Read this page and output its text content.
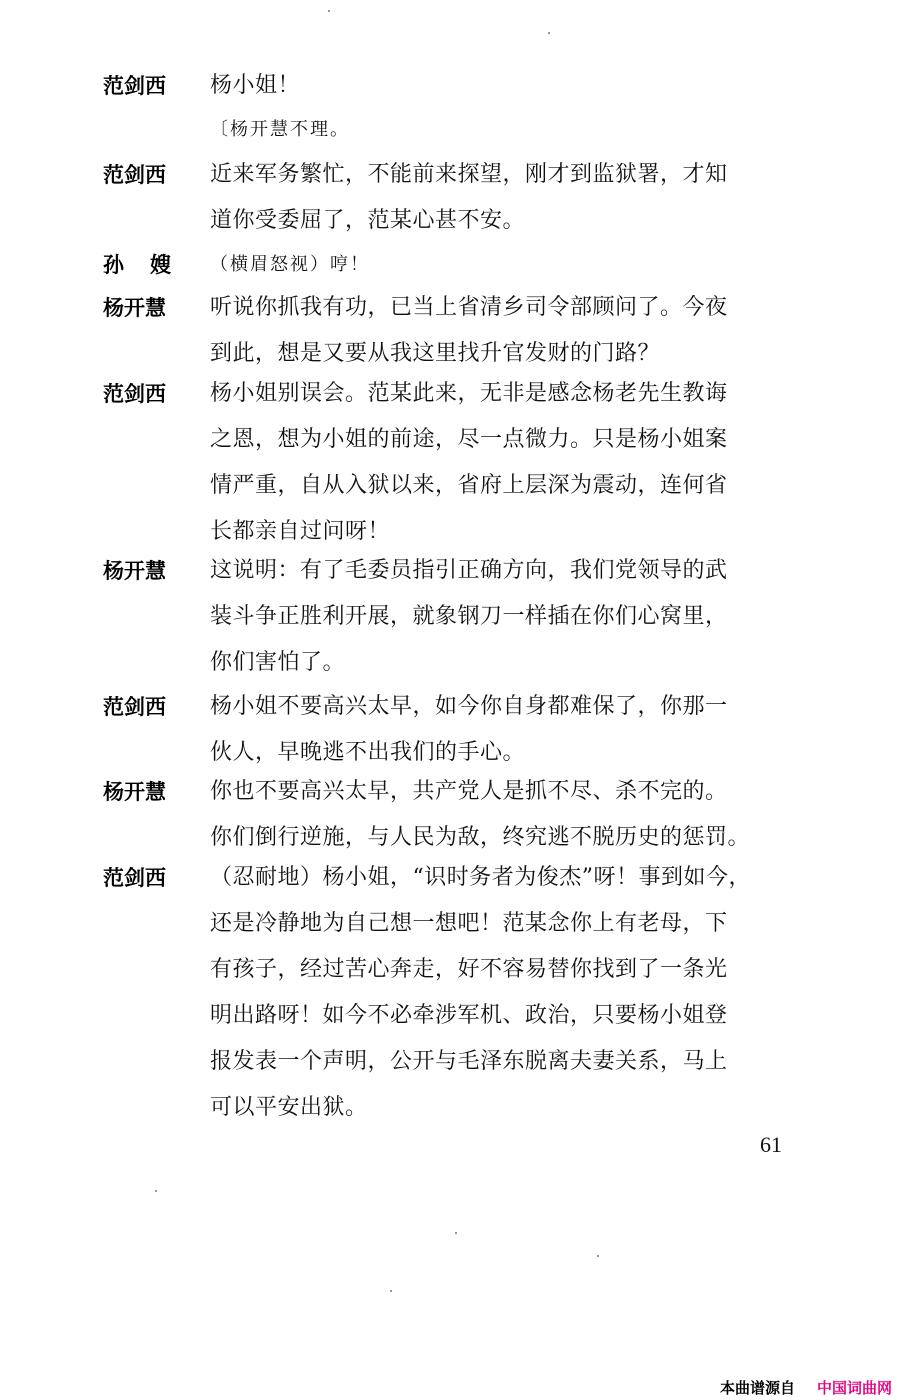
范剑西	杨小姐！
〔杨开慧不理。
范剑西	近来军务繁忙，不能前来探望，刚才到监狱署，才知
道你受委屈了，范某心甚不安。
孙嫂 （横眉怒视）哼！
杨开慧	听说你抓我有功，已当上省清乡司令部顾问了。今夜
到此，想是又要从我这里找升官发财的门路？
范剑西	杨小姐别误会。范某此来，无非是感念杨老先生教诲
之恩，想为小姐的前途，尽一点微力。只是杨小姐案
情严重，自从入狱以来，省府上层深为震动，连何省
长都亲自过问呀！
杨开慧	这说明：有了毛委员指引正确方向，我们党领导的武
装斗争正胜利开展，就象钢刀一样插在你们心窝里，
你们害怕了。
范剑西	杨小姐不要高兴太早，如今你自身都难保了，你那一
伙人，早晚逃不出我们的手心。
杨开慧	你也不要高兴太早，共产党人是抓不尽、杀不完的。
你们倒行逆施，与人民为敌，终究逃不脱历史的惩罚。
范剑西	（忍耐地）杨小姐，“识时务者为俊杰”呀！事到如今，
还是冷静地为自己想一想吧！范某念你上有老母，下
有孩子，经过苦心奔走，好不容易替你找到了一条光
明出路呀！如今不必牵涉军机、政治，只要杨小姐登
报发表一个声明，公开与毛泽东脱离夫妻关系，马上
可以平安出狱。
61
本曲谱源自 中国词曲网
